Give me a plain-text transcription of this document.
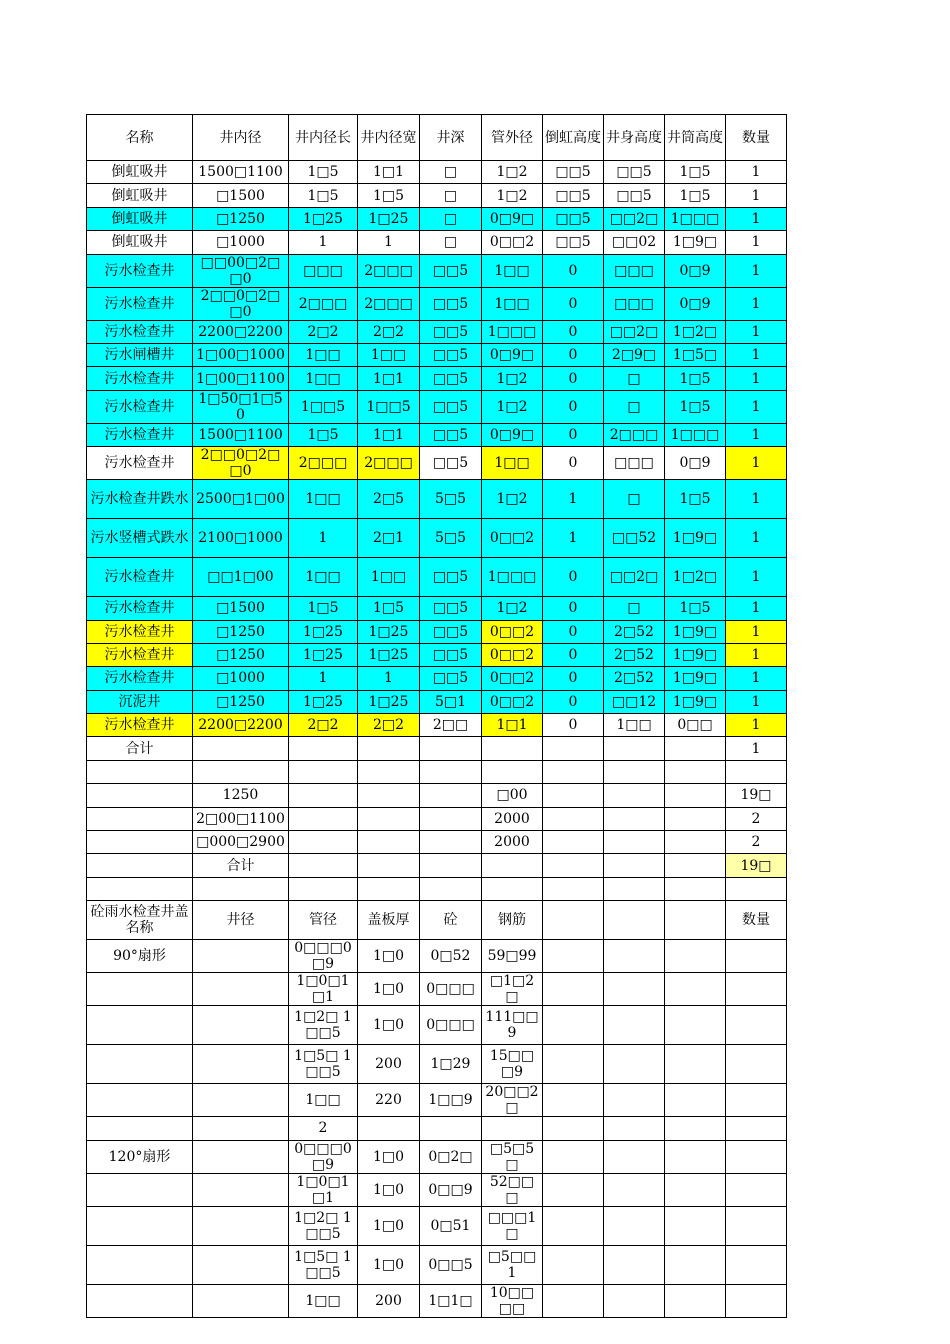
名称	井内径	井内径长	井内径宽	井深	管外径	倒虹高度	井身高度	井筒高度	数量
倒虹吸井	1500□1100	1□5	1□1	□	1□2	□□5	□□5	1□5	1
倒虹吸井	□1500	1□5	1□5	□	1□2	□□5	□□5	1□5	1
倒虹吸井	□1250	1□25	1□25	□	0□9□	□□5	□□2□	1□□□	1
倒虹吸井	□1000	1	1	□	0□□2	□□5	□□02	1□9□	1
污水检查井	□□00□2□□0	□□□	2□□□	□□5	1□□	0	□□□	0□9	1
污水检查井	2□□0□2□□0	2□□□	2□□□	□□5	1□□	0	□□□	0□9	1
污水检查井	2200□2200	2□2	2□2	□□5	1□□□	0	□□2□	1□2□	1
污水闸槽井	1□00□1000	1□□	1□□	□□5	0□9□	0	2□9□	1□5□	1
污水检查井	1□00□1100	1□□	1□1	□□5	1□2	0	□	1□5	1
污水检查井	1□50□1□50	1□□5	1□□5	□□5	1□2	0	□	1□5	1
污水检查井	1500□1100	1□5	1□1	□□5	0□9□	0	2□□□	1□□□	1
污水检查井	2□□0□2□□0	2□□□	2□□□	□□5	1□□	0	□□□	0□9	1
污水检查井跌水	2500□1□00	1□□	2□5	5□5	1□2	1	□	1□5	1
污水竖槽式跌水	2100□1000	1	2□1	5□5	0□□2	1	□□52	1□9□	1
污水检查井	□□1□00	1□□	1□□	□□5	1□□□	0	□□2□	1□2□	1
污水检查井	□1500	1□5	1□5	□□5	1□2	0	□	1□5	1
污水检查井	□1250	1□25	1□25	□□5	0□□2	0	2□52	1□9□	1
污水检查井	□1250	1□25	1□25	□□5	0□□2	0	2□52	1□9□	1
污水检查井	□1000	1	1	□□5	0□□2	0	2□52	1□9□	1
沉泥井	□1250	1□25	1□25	5□1	0□□2	0	□□12	1□9□	1
污水检查井	2200□2200	2□2	2□2	2□□	1□1	0	1□□	0□□	1
合计									1

	1250				□00				19□
	2□00□1100				2000				2
	□000□2900				2000				2
	合计								19□

砼雨水检查井盖名称	井径	管径	盖板厚	砼	钢筋				数量
90°扇形		0□□□0□9	1□0	0□52	59□99				
		1□0□1□1	1□0	0□□□	□1□2□				
		1□2□ 1□□5	1□0	0□□□	111□□9				
		1□5□ 1□□5	200	1□29	15□□□9				
		1□□	220	1□□9	20□□2□				
		2							
120°扇形		0□□□0□9	1□0	0□2□	□5□5□				
		1□0□1□1	1□0	0□□9	52□□□				
		1□2□ 1□□5	1□0	0□51	□□□1□				
		1□5□ 1□□5	1□0	0□□5	□5□□1				
		1□□	200	1□1□	10□□□□				
